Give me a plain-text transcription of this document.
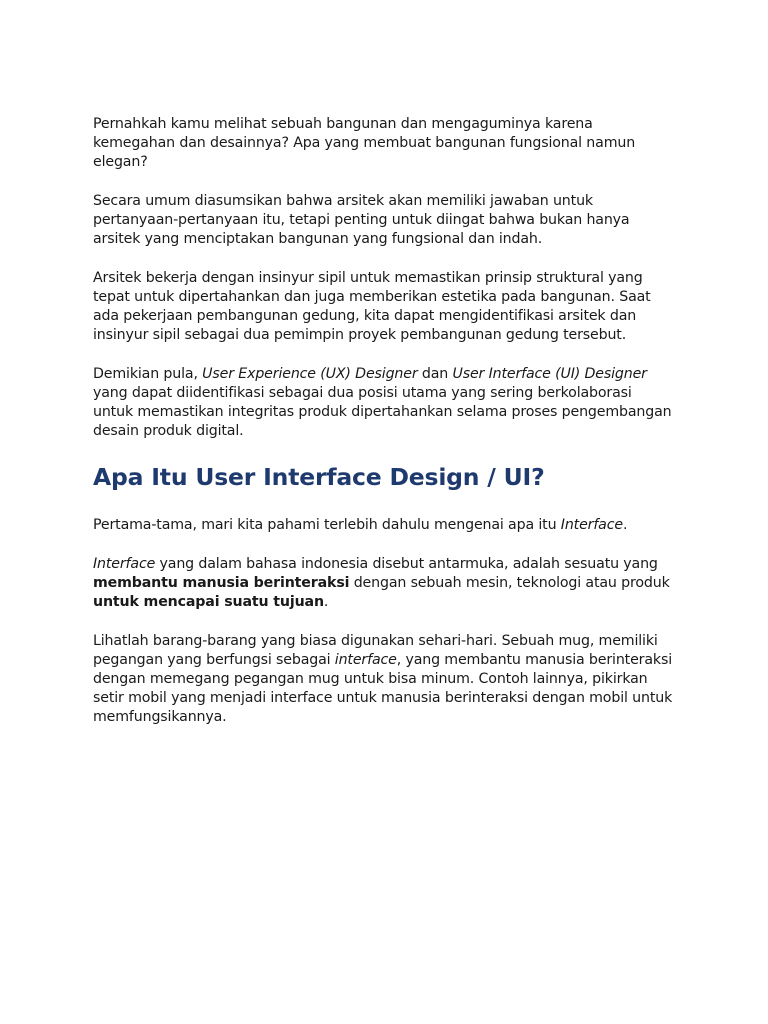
Pernahkah kamu melihat sebuah bangunan dan mengaguminya karena kemegahan dan desainnya? Apa yang membuat bangunan fungsional namun elegan?

Secara umum diasumsikan bahwa arsitek akan memiliki jawaban untuk pertanyaan-pertanyaan itu, tetapi penting untuk diingat bahwa bukan hanya arsitek yang menciptakan bangunan yang fungsional dan indah.

Arsitek bekerja dengan insinyur sipil untuk memastikan prinsip struktural yang tepat untuk dipertahankan dan juga memberikan estetika pada bangunan. Saat ada pekerjaan pembangunan gedung, kita dapat mengidentifikasi arsitek dan insinyur sipil sebagai dua pemimpin proyek pembangunan gedung tersebut.

Demikian pula, User Experience (UX) Designer dan User Interface (UI) Designer yang dapat diidentifikasi sebagai dua posisi utama yang sering berkolaborasi untuk memastikan integritas produk dipertahankan selama proses pengembangan desain produk digital.

Apa Itu User Interface Design / UI?

Pertama-tama, mari kita pahami terlebih dahulu mengenai apa itu Interface.

Interface yang dalam bahasa indonesia disebut antarmuka, adalah sesuatu yang membantu manusia berinteraksi dengan sebuah mesin, teknologi atau produk untuk mencapai suatu tujuan.

Lihatlah barang-barang yang biasa digunakan sehari-hari. Sebuah mug, memiliki pegangan yang berfungsi sebagai interface, yang membantu manusia berinteraksi dengan memegang pegangan mug untuk bisa minum. Contoh lainnya, pikirkan setir mobil yang menjadi interface untuk manusia berinteraksi dengan mobil untuk memfungsikannya.
